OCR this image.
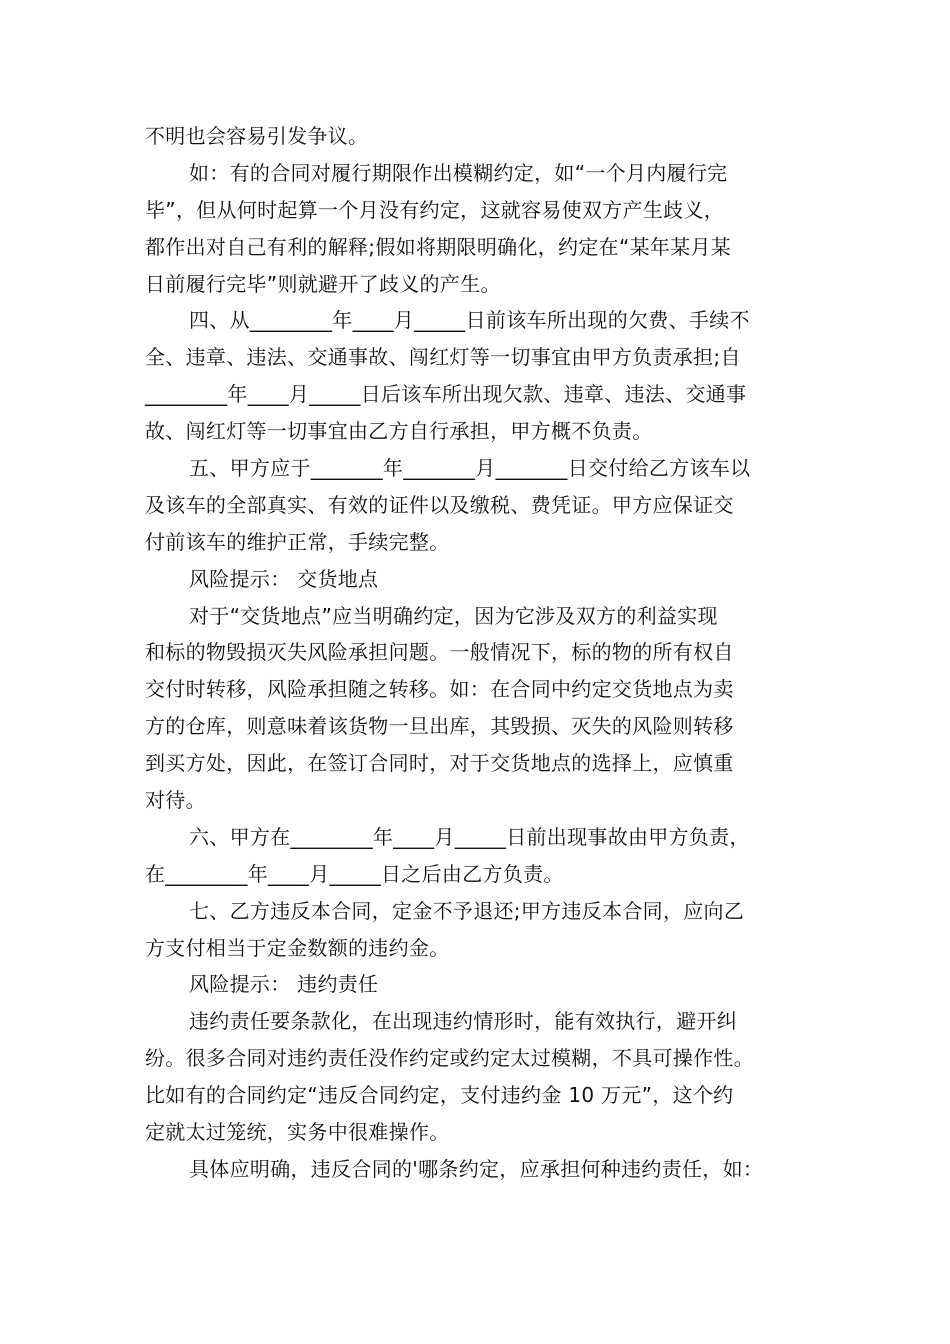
不明也会容易引发争议。
如：有的合同对履行期限作出模糊约定，如“一个月内履行完
毕”，但从何时起算一个月没有约定，这就容易使双方产生歧义，
都作出对自己有利的解释;假如将期限明确化，约定在“某年某月某
日前履行完毕”则就避开了歧义的产生。
四、从________年____月_____日前该车所出现的欠费、手续不
全、违章、违法、交通事故、闯红灯等一切事宜由甲方负责承担;自
________年____月_____日后该车所出现欠款、违章、违法、交通事
故、闯红灯等一切事宜由乙方自行承担，甲方概不负责。
五、甲方应于_______年_______月_______日交付给乙方该车以
及该车的全部真实、有效的证件以及缴税、费凭证。甲方应保证交
付前该车的维护正常，手续完整。
风险提示： 交货地点
对于“交货地点”应当明确约定，因为它涉及双方的利益实现
和标的物毁损灭失风险承担问题。一般情况下，标的物的所有权自
交付时转移，风险承担随之转移。如：在合同中约定交货地点为卖
方的仓库，则意味着该货物一旦出库，其毁损、灭失的风险则转移
到买方处，因此，在签订合同时，对于交货地点的选择上，应慎重
对待。
六、甲方在________年____月_____日前出现事故由甲方负责，
在________年____月_____日之后由乙方负责。
七、乙方违反本合同，定金不予退还;甲方违反本合同，应向乙
方支付相当于定金数额的违约金。
风险提示： 违约责任
违约责任要条款化，在出现违约情形时，能有效执行，避开纠
纷。很多合同对违约责任没作约定或约定太过模糊，不具可操作性。
比如有的合同约定“违反合同约定，支付违约金 10 万元”，这个约
定就太过笼统，实务中很难操作。
具体应明确，违反合同的'哪条约定，应承担何种违约责任，如：
